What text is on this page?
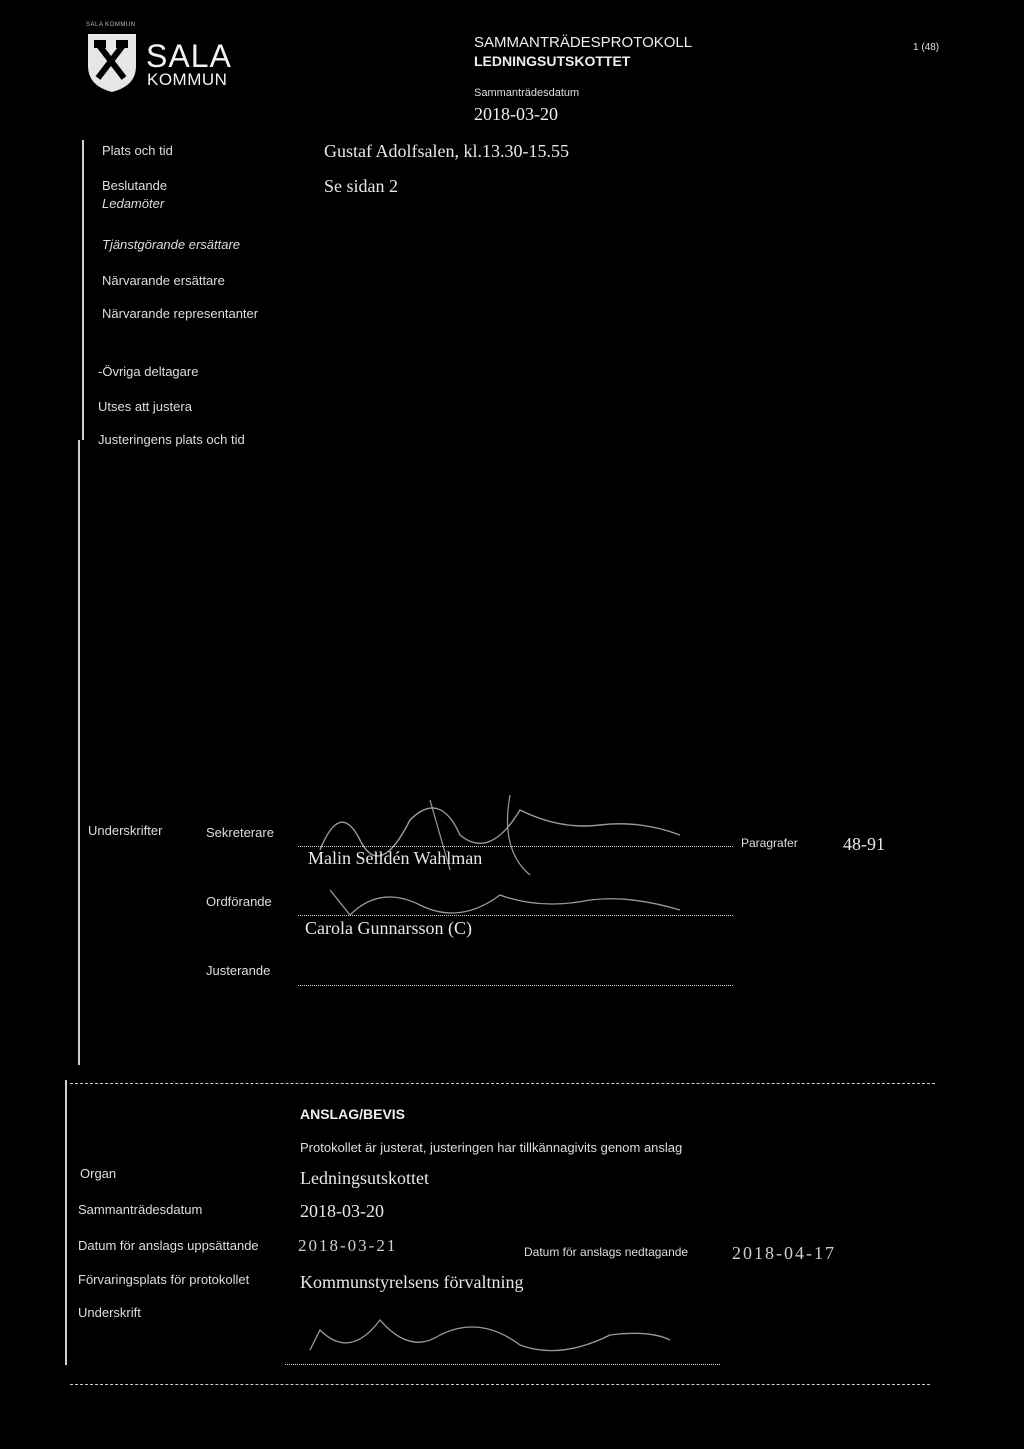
SALA KOMMUN
SALA
KOMMUN
SAMMANTRÄDESPROTOKOLL
LEDNINGSUTSKOTTET
Sammanträdesdatum
2018-03-20
1 (48)
Plats och tid	Gustaf Adolfsalen, kl.13.30-15.55
Beslutande
Ledamöter
Se sidan 2
Tjänstgörande ersättare
Närvarande ersättare
Närvarande representanter
-Övriga deltagare
Utses att justera
Justeringens plats och tid
Underskrifter	Sekreterare
Malin Selldén Wahlman
Paragrafer	48-91
Ordförande
Carola Gunnarsson (C)
Justerande
ANSLAG/BEVIS
Protokollet är justerat, justeringen har tillkännagivits genom anslag
Organ	Ledningsutskottet
Sammanträdesdatum	2018-03-20
Datum för anslags uppsättande 2018-03-21	Datum för anslags nedtagande 2018-04-17
Förvaringsplats för protokollet	Kommunstyrelsens förvaltning
Underskrift
